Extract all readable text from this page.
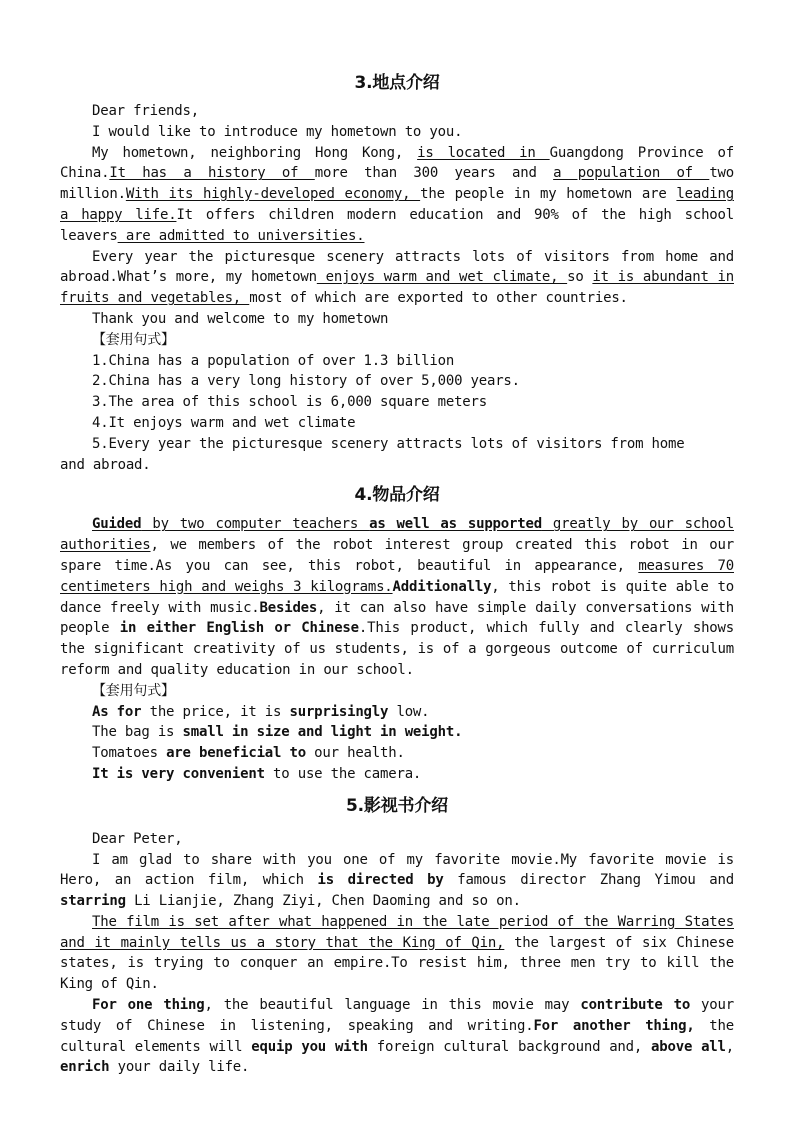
3.地点介绍

Dear friends,

I would like to introduce my hometown to you.

My hometown, neighboring Hong Kong, is located in Guangdong Province of China.It has a history of more than 300 years and a population of two million.With its highly-developed economy, the people in my hometown are leading a happy life.It offers children modern education and 90% of the high school leavers are admitted to universities.

Every year the picturesque scenery attracts lots of visitors from home and abroad.What’s more, my hometown enjoys warm and wet climate, so it is abundant in fruits and vegetables, most of which are exported to other countries.

Thank you and welcome to my hometown

【套用句式】

1.China has a population of over 1.3 billion

2.China has a very long history of over 5,000 years.

3.The area of this school is 6,000 square meters

4.It enjoys warm and wet climate

5.Every year the picturesque scenery attracts lots of visitors from home

and abroad.

4.物品介绍

Guided by two computer teachers as well as supported greatly by our school authorities, we members of the robot interest group created this robot in our spare time.As you can see, this robot, beautiful in appearance, measures 70 centimeters high and weighs 3 kilograms.Additionally, this robot is quite able to dance freely with music.Besides, it can also have simple daily conversations with people in either English or Chinese.This product, which fully and clearly shows the significant creativity of us students, is of a gorgeous outcome of curriculum reform and quality education in our school.

【套用句式】

As for the price, it is surprisingly low.

The bag is small in size and light in weight.

Tomatoes are beneficial to our health.

It is very convenient to use the camera.

5.影视书介绍

Dear Peter,

I am glad to share with you one of my favorite movie.My favorite movie is Hero, an action film, which is directed by famous director Zhang Yimou and starring Li Lianjie, Zhang Ziyi, Chen Daoming and so on.

The film is set after what happened in the late period of the Warring States and it mainly tells us a story that the King of Qin, the largest of six Chinese states, is trying to conquer an empire.To resist him, three men try to kill the King of Qin.

For one thing, the beautiful language in this movie may contribute to your study of Chinese in listening, speaking and writing.For another thing, the cultural elements will equip you with foreign cultural background and, above all, enrich your daily life.
